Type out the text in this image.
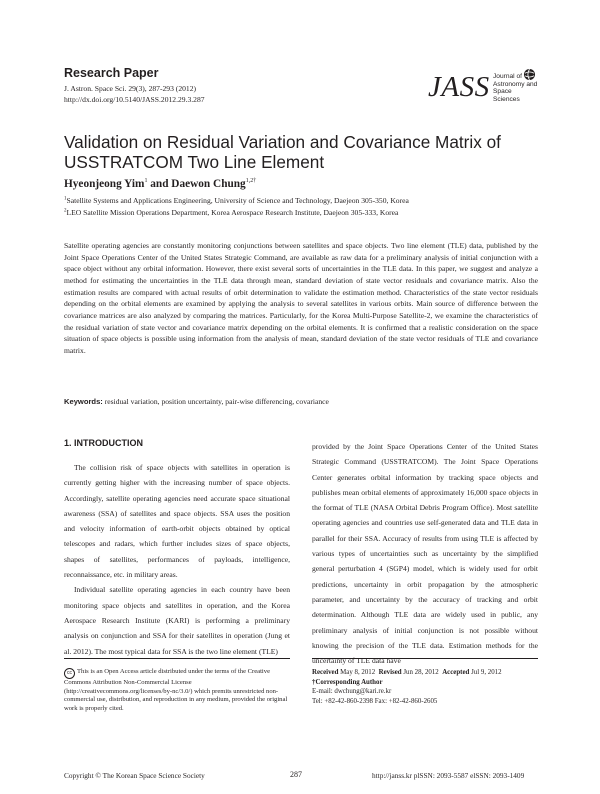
Research Paper
J. Astron. Space Sci. 29(3), 287-293 (2012)
http://dx.doi.org/10.5140/JASS.2012.29.3.287	JASS Journal of
Astronomy and
Space Sciences
Validation on Residual Variation and Covariance Matrix of USSTRATCOM Two Line Element
Hyeonjeong Yim$^1$ and Daewon Chung$^{1,2\dagger}$
$^1$Satellite Systems and Applications Engineering, University of Science and Technology, Daejeon 305-350, Korea
$^2$LEO Satellite Mission Operations Department, Korea Aerospace Research Institute, Daejeon 305-333, Korea
Satellite operating agencies are constantly monitoring conjunctions between satellites and space objects. Two line element (TLE) data, published by the Joint Space Operations Center of the United States Strategic Command, are available as raw data for a preliminary analysis of initial conjunction with a space object without any orbital information. However, there exist several sorts of uncertainties in the TLE data. In this paper, we suggest and analyze a method for estimating the uncertainties in the TLE data through mean, standard deviation of state vector residuals and covariance matrix. Also the estimation results are compared with actual results of orbit determination to validate the estimation method. Characteristics of the state vector residuals depending on the orbital elements are examined by applying the analysis to several satellites in various orbits. Main source of difference between the covariance matrices are also analyzed by comparing the matrices. Particularly, for the Korea Multi-Purpose Satellite-2, we examine the characteristics of the residual variation of state vector and covariance matrix depending on the orbital elements. It is confirmed that a realistic consideration on the space situation of space objects is possible using information from the analysis of mean, standard deviation of the state vector residuals of TLE and covariance matrix.
Keywords: residual variation, position uncertainty, pair-wise differencing, covariance
1. INTRODUCTION

The collision risk of space objects with satellites in operation is currently getting higher with the increasing number of space objects. Accordingly, satellite operating agencies need accurate space situational awareness (SSA) of satellites and space objects. SSA uses the position and velocity information of earth-orbit objects obtained by optical telescopes and radars, which further includes sizes of space objects, shapes of satellites, performances of payloads, intelligence, reconnaissance, etc. in military areas.

Individual satellite operating agencies in each country have been monitoring space objects and satellites in operation, and the Korea Aerospace Research Institute (KARI) is performing a preliminary analysis on conjunction and SSA for their satellites in operation (Jung et al. 2012). The most typical data for SSA is the two line element (TLE)

provided by the Joint Space Operations Center of the United States Strategic Command (USSTRATCOM). The Joint Space Operations Center generates orbital information by tracking space objects and publishes mean orbital elements of approximately 16,000 space objects in the format of TLE (NASA Orbital Debris Program Office). Most satellite operating agencies and countries use self-generated data and TLE data in parallel for their SSA. Accuracy of results from using TLE is affected by various types of uncertainties such as uncertainty by the simplified general perturbation 4 (SGP4) model, which is widely used for orbit predictions, uncertainty in orbit propagation by the atmospheric parameter, and uncertainty by the accuracy of tracking and orbit determination. Although TLE data are widely used in public, any preliminary analysis of initial conjunction is not possible without knowing the precision of the TLE data. Estimation methods for the uncertainty of TLE data have

cc This is an Open Access article distributed under the terms of the Creative Commons Attribution Non-Commercial License (http://creativecommons.org/licenses/by-nc/3.0/) which premits unrestricted non-commercial use, distribution, and reproduction in any medium, provided the original work is properly cited.
Received May 8, 2012 Revised Jun 28, 2012 Accepted Jul 9, 2012
†Corresponding Author
E-mail: dwchung@kari.re.kr
Tel: +82-42-860-2398 Fax: +82-42-860-2605
Copyright © The Korean Space Science Society	287	http://janss.kr plSSN: 2093-5587 elSSN: 2093-1409
